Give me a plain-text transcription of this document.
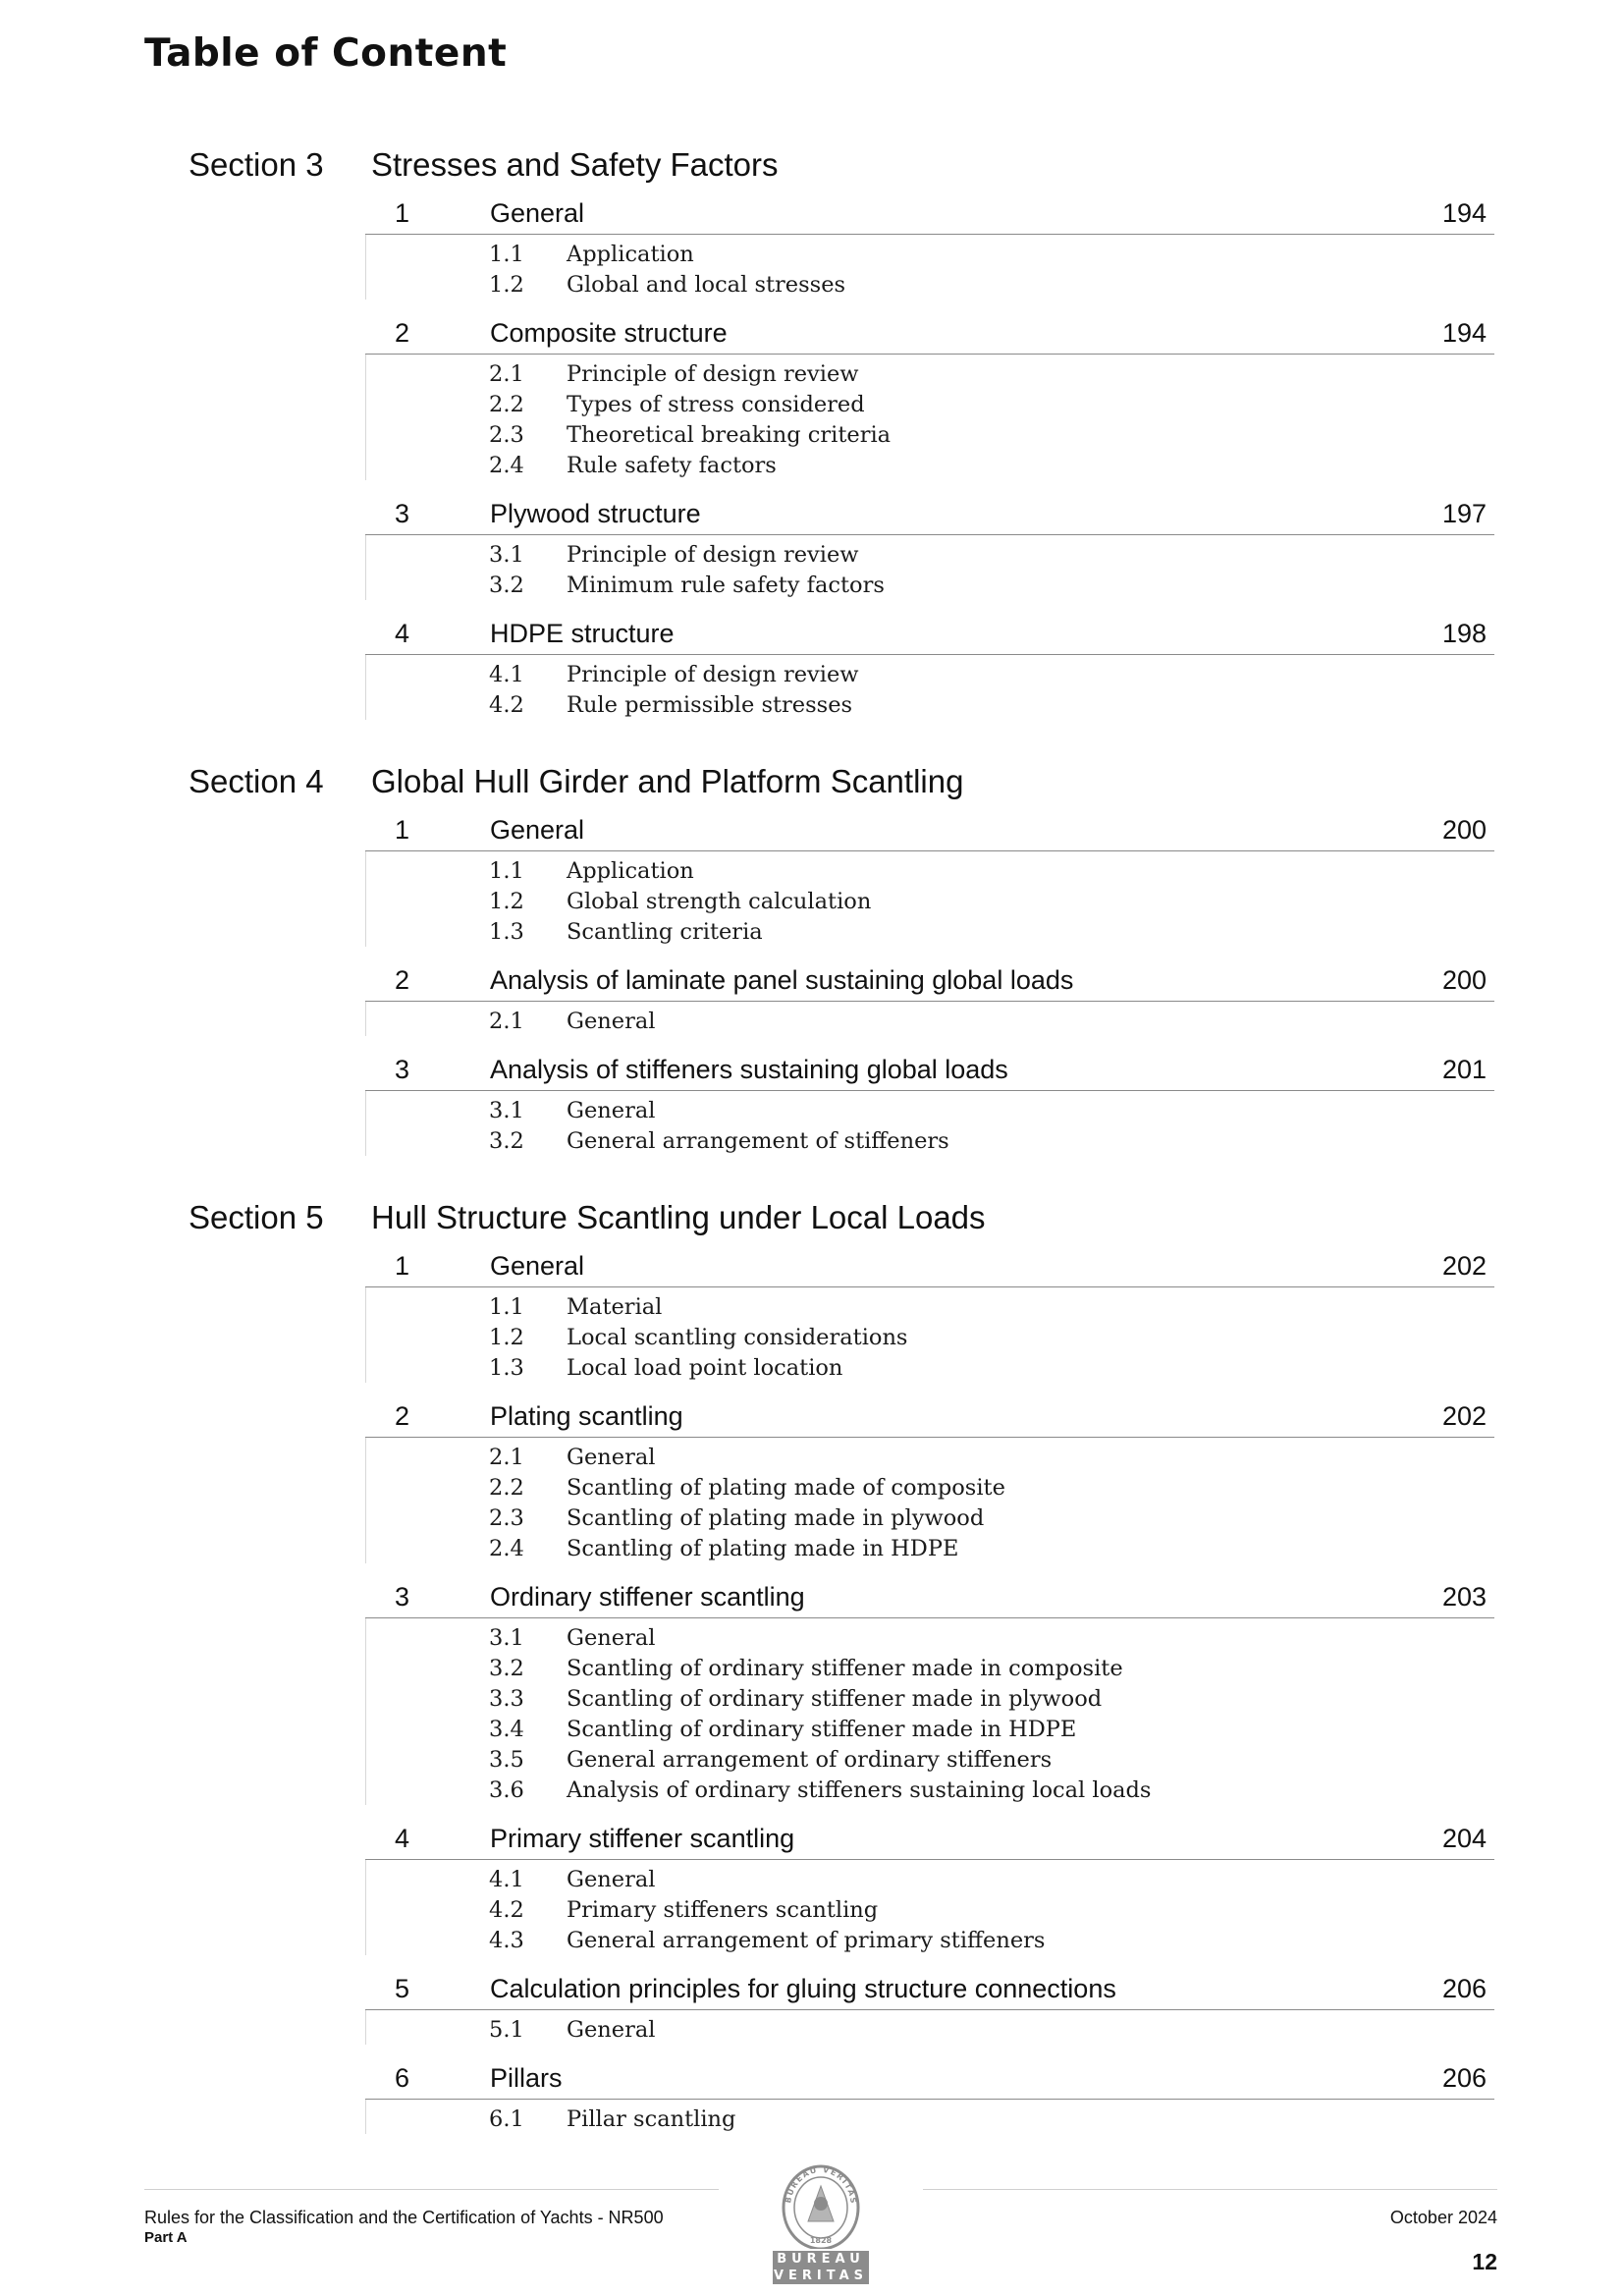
Table of Content
Section 3 Stresses and Safety Factors
1	General	194
1.1 Application
1.2 Global and local stresses
2	Composite structure	194
2.1 Principle of design review
2.2 Types of stress considered
2.3 Theoretical breaking criteria
2.4 Rule safety factors
3	Plywood structure	197
3.1 Principle of design review
3.2 Minimum rule safety factors
4	HDPE structure	198
4.1 Principle of design review
4.2 Rule permissible stresses
Section 4 Global Hull Girder and Platform Scantling
1	General	200
1.1 Application
1.2 Global strength calculation
1.3 Scantling criteria
2	Analysis of laminate panel sustaining global loads	200
2.1 General
3	Analysis of stiffeners sustaining global loads	201
3.1 General
3.2 General arrangement of stiffeners
Section 5 Hull Structure Scantling under Local Loads
1	General	202
1.1 Material
1.2 Local scantling considerations
1.3 Local load point location
2	Plating scantling	202
2.1 General
2.2 Scantling of plating made of composite
2.3 Scantling of plating made in plywood
2.4 Scantling of plating made in HDPE
3	Ordinary stiffener scantling	203
3.1 General
3.2 Scantling of ordinary stiffener made in composite
3.3 Scantling of ordinary stiffener made in plywood
3.4 Scantling of ordinary stiffener made in HDPE
3.5 General arrangement of ordinary stiffeners
3.6 Analysis of ordinary stiffeners sustaining local loads
4	Primary stiffener scantling	204
4.1 General
4.2 Primary stiffeners scantling
4.3 General arrangement of primary stiffeners
5	Calculation principles for gluing structure connections	206
5.1 General
6	Pillars	206
6.1 Pillar scantling
Rules for the Classification and the Certification of Yachts - NR500
Part A
October 2024
12
BUREAU VERITAS
1828
BUREAU
VERITAS
